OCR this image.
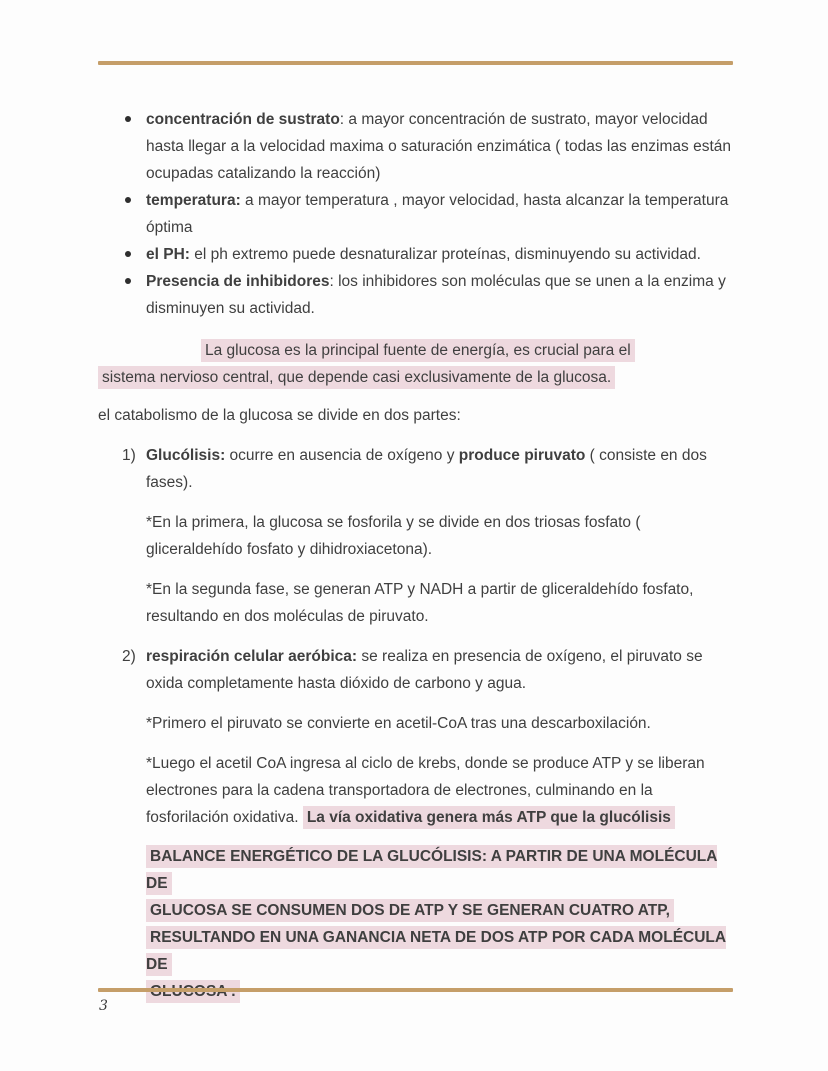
concentración de sustrato: a mayor concentración de sustrato, mayor velocidad hasta llegar a la velocidad maxima o saturación enzimática ( todas las enzimas están ocupadas catalizando la reacción)
temperatura: a mayor temperatura , mayor velocidad, hasta alcanzar la temperatura óptima
el PH: el ph extremo puede desnaturalizar proteínas, disminuyendo su actividad.
Presencia de inhibidores: los inhibidores son moléculas que se unen a la enzima y disminuyen su actividad.

La glucosa es la principal fuente de energía, es crucial para el
sistema nervioso central, que depende casi exclusivamente de la glucosa.

el catabolismo de la glucosa se divide en dos partes:

1) Glucólisis: ocurre en ausencia de oxígeno y produce piruvato ( consiste en dos fases).

*En la primera, la glucosa se fosforila y se divide en dos triosas fosfato ( gliceraldehído fosfato y dihidroxiacetona).

*En la segunda fase, se generan ATP y NADH a partir de gliceraldehído fosfato, resultando en dos moléculas de piruvato.

2) respiración celular aeróbica: se realiza en presencia de oxígeno, el piruvato se oxida completamente hasta dióxido de carbono y agua.

*Primero el piruvato se convierte en acetil-CoA tras una descarboxilación.

*Luego el acetil CoA ingresa al ciclo de krebs, donde se produce ATP y se liberan electrones para la cadena transportadora de electrones, culminando en la fosforilación oxidativa. La vía oxidativa genera más ATP que la glucólisis

BALANCE ENERGÉTICO DE LA GLUCÓLISIS: A PARTIR DE UNA MOLÉCULA DE
GLUCOSA SE CONSUMEN DOS DE ATP Y SE GENERAN CUATRO ATP,
RESULTANDO EN UNA GANANCIA NETA DE DOS ATP POR CADA MOLÉCULA DE

3
